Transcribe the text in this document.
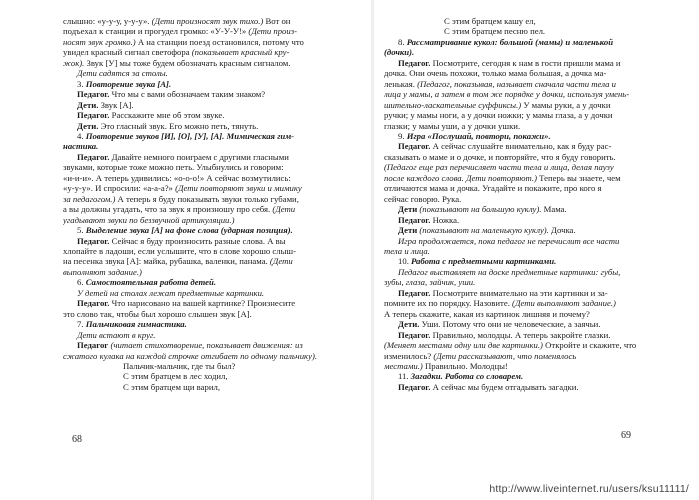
слышно: «у-у-у, у-у-у». (Дети произносят звук тихо.) Вот он
подъехал к станции и прогудел громко: «У-У-У!» (Дети произ-
носят звук громко.) А на станции поезд остановился, потому что
увидел красный сигнал светофора (показывает красный кру-
жок). Звук [У] мы тоже будем обозначать красным сигналом.
Дети садятся за столы.
3. Повторение звука [А].
Педагог. Что мы с вами обозначаем таким знаком?
Дети. Звук [А].
Педагог. Расскажите мне об этом звуке.
Дети. Это гласный звук. Его можно петь, тянуть.
4. Повторение звуков [И], [О], [У], [А]. Мимическая гим-
настика.
Педагог. Давайте немного поиграем с другими гласными
звуками, которые тоже можно петь. Улыбнулись и говорим:
«и-и-и». А теперь удивились: «о-о-о!» А сейчас возмутились:
«у-у-у». И спросили: «а-а-а?» (Дети повторяют звуки и мимику
за педагогом.) А теперь я буду показывать звуки только губами,
а вы должны угадать, что за звук я произношу про себя. (Дети
угадывают звуки по беззвучной артикуляции.)
5. Выделение звука [А] на фоне слова (ударная позиция).
Педагог. Сейчас я буду произносить разные слова. А вы
хлопайте в ладоши, если услышите, что в слове хорошо слыш-
на песенка звука [А]: майка, рубашка, валенки, панама. (Дети
выполняют задание.)
6. Самостоятельная работа детей.
У детей на столах лежат предметные картинки.
Педагог. Что нарисовано на вашей картинке? Произнесите
это слово так, чтобы был хорошо слышен звук [А].
7. Пальчиковая гимнастика.
Дети встают в круг.
Педагог (читает стихотворение, показывает движения: из
сжатого кулака на каждой строчке отгибает по одному пальчику).
Пальчик-мальчик, где ты был?
С этим братцем в лес ходил,
С этим братцем щи варил,
С этим братцем кашу ел,
С этим братцем песню пел.
8. Рассматривание кукол: большой (мамы) и маленькой
(дочки).
Педагог. Посмотрите, сегодня к нам в гости пришли мама и
дочка. Они очень похожи, только мама большая, а дочка ма-
ленькая. (Педагог, показывая, называет сначала части тела и
лица у мамы, а затем в том же порядке у дочки, используя умень-
шительно-ласкательные суффиксы.) У мамы руки, а у дочки
ручки; у мамы ноги, а у дочки ножки; у мамы глаза, а у дочки
глазки; у мамы уши, а у дочки ушки.
9. Игра «Послушай, повтори, покажи».
Педагог. А сейчас слушайте внимательно, как я буду рас-
сказывать о маме и о дочке, и повторяйте, что я буду говорить.
(Педагог еще раз перечисляет части тела и лица, делая паузу
после каждого слова. Дети повторяют.) Теперь вы знаете, чем
отличаются мама и дочка. Угадайте и покажите, про кого я
сейчас говорю. Рука.
Дети (показывают на большую куклу). Мама.
Педагог. Ножка.
Дети (показывают на маленькую куклу). Дочка.
Игра продолжается, пока педагог не перечислит все части
тела и лица.
10. Работа с предметными картинками.
Педагог выставляет на доске предметные картинки: губы,
зубы, глаза, зайчик, уши.
Педагог. Посмотрите внимательно на эти картинки и за-
помните их по порядку. Назовите. (Дети выполняют задание.)
А теперь скажите, какая из картинок лишняя и почему?
Дети. Уши. Потому что они не человеческие, а заячьи.
Педагог. Правильно, молодцы. А теперь закройте глазки.
(Меняет местами одну или две картинки.) Откройте и скажите, что
изменилось? (Дети рассказывают, что поменялось
местами.) Правильно. Молодцы!
11. Загадки. Работа со словарем.
Педагог. А сейчас мы будем отгадывать загадки.
68	69
http://www.liveinternet.ru/users/ksu11111/
